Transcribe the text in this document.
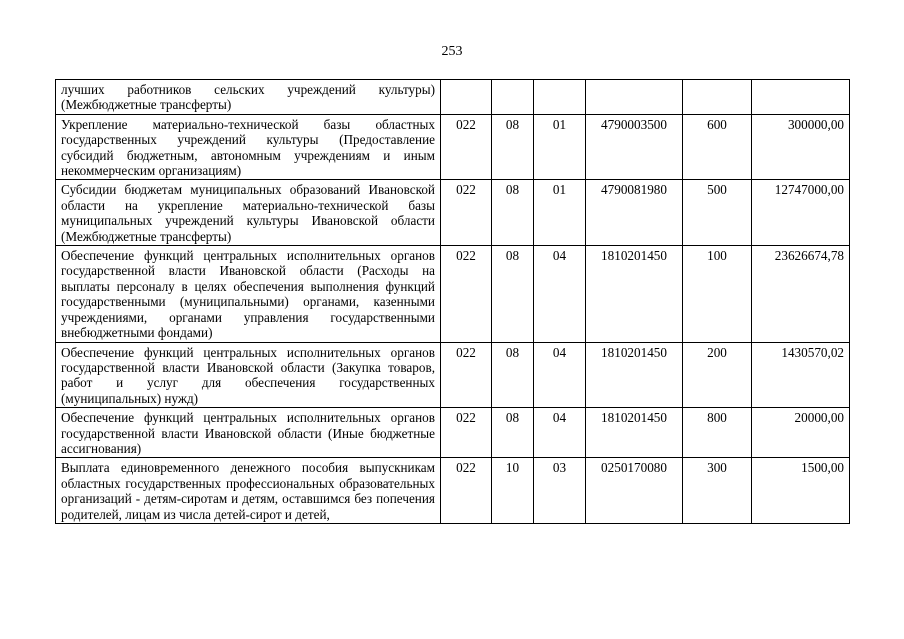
253
лучших работников сельских учреждений культуры) (Межбюджетные трансферты)						
Укрепление материально-технической базы областных государственных учреждений культуры (Предоставление субсидий бюджетным, автономным учреждениям и иным некоммерческим организациям)	022	08	01	4790003500	600	300000,00
Субсидии бюджетам муниципальных образований Ивановской области на укрепление материально-технической базы муниципальных учреждений культуры Ивановской области (Межбюджетные трансферты)	022	08	01	4790081980	500	12747000,00
Обеспечение функций центральных исполнительных органов государственной власти Ивановской области (Расходы на выплаты персоналу в целях обеспечения выполнения функций государственными (муниципальными) органами, казенными учреждениями, органами управления государственными внебюджетными фондами)	022	08	04	1810201450	100	23626674,78
Обеспечение функций центральных исполнительных органов государственной власти Ивановской области (Закупка товаров, работ и услуг для обеспечения государственных (муниципальных) нужд)	022	08	04	1810201450	200	1430570,02
Обеспечение функций центральных исполнительных органов государственной власти Ивановской области (Иные бюджетные ассигнования)	022	08	04	1810201450	800	20000,00
Выплата единовременного денежного пособия выпускникам областных государственных профессиональных образовательных организаций - детям-сиротам и детям, оставшимся без попечения родителей, лицам из числа детей-сирот и детей,	022	10	03	0250170080	300	1500,00
